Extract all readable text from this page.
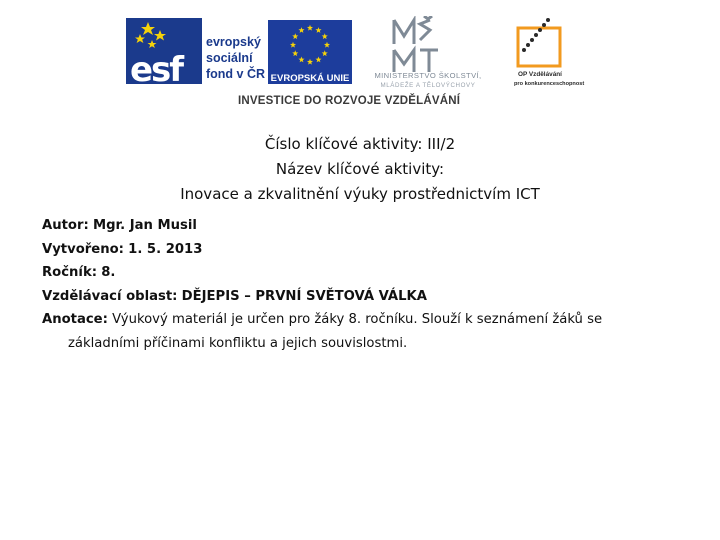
esf
evropský
sociální
fond v ČR EVROPSKÁ UNIE	MINISTERSTVO ŠKOLSTVÍ,
MLÁDEŽE A TĚLOVÝCHOVY
OP Vzdělávání
pro konkurenceschopnost
INVESTICE DO ROZVOJE VZDĚLÁVÁNÍ
Číslo klíčové aktivity: III/2
Název klíčové aktivity:
Inovace a zkvalitnění výuky prostřednictvím ICT
Autor: Mgr. Jan Musil
Vytvořeno: 1. 5. 2013
Ročník: 8.
Vzdělávací oblast: DĚJEPIS – PRVNÍ SVĚTOVÁ VÁLKA
Anotace: Výukový materiál je určen pro žáky 8. ročníku. Slouží k seznámení žáků se
základními příčinami konfliktu a jejich souvislostmi.
